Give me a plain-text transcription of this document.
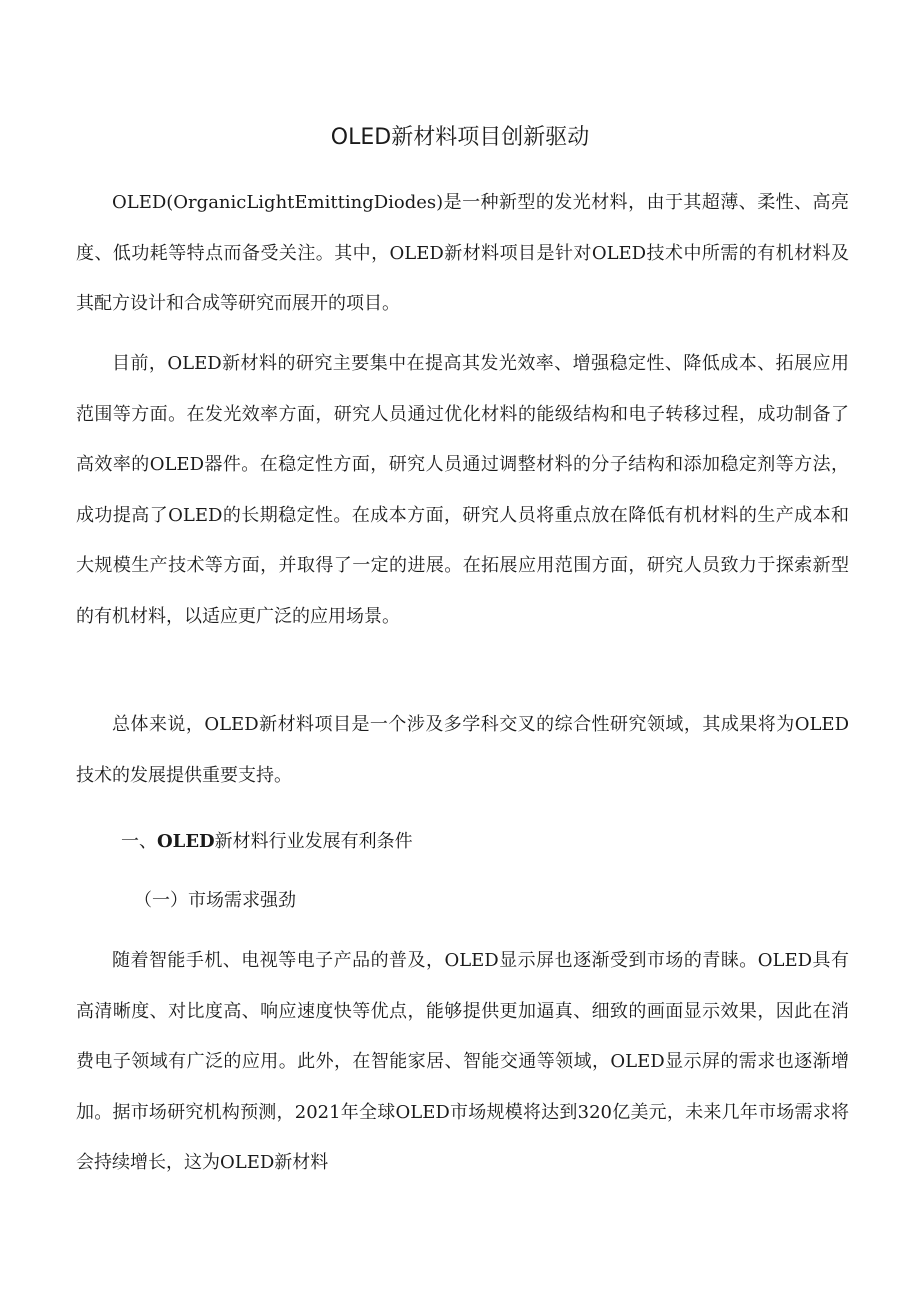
OLED新材料项目创新驱动

OLED(OrganicLightEmittingDiodes)是一种新型的发光材料，由于其超薄、柔性、高亮度、低功耗等特点而备受关注。其中，OLED新材料项目是针对OLED技术中所需的有机材料及其配方设计和合成等研究而展开的项目。

目前，OLED新材料的研究主要集中在提高其发光效率、增强稳定性、降低成本、拓展应用范围等方面。在发光效率方面，研究人员通过优化材料的能级结构和电子转移过程，成功制备了高效率的OLED器件。在稳定性方面，研究人员通过调整材料的分子结构和添加稳定剂等方法，成功提高了OLED的长期稳定性。在成本方面，研究人员将重点放在降低有机材料的生产成本和大规模生产技术等方面，并取得了一定的进展。在拓展应用范围方面，研究人员致力于探索新型的有机材料，以适应更广泛的应用场景。

总体来说，OLED新材料项目是一个涉及多学科交叉的综合性研究领域，其成果将为OLED技术的发展提供重要支持。

一、OLED新材料行业发展有利条件
（一）市场需求强劲

随着智能手机、电视等电子产品的普及，OLED显示屏也逐渐受到市场的青睐。OLED具有高清晰度、对比度高、响应速度快等优点，能够提供更加逼真、细致的画面显示效果，因此在消费电子领域有广泛的应用。此外，在智能家居、智能交通等领域，OLED显示屏的需求也逐渐增加。据市场研究机构预测，2021年全球OLED市场规模将达到320亿美元，未来几年市场需求将会持续增长，这为OLED新材料
